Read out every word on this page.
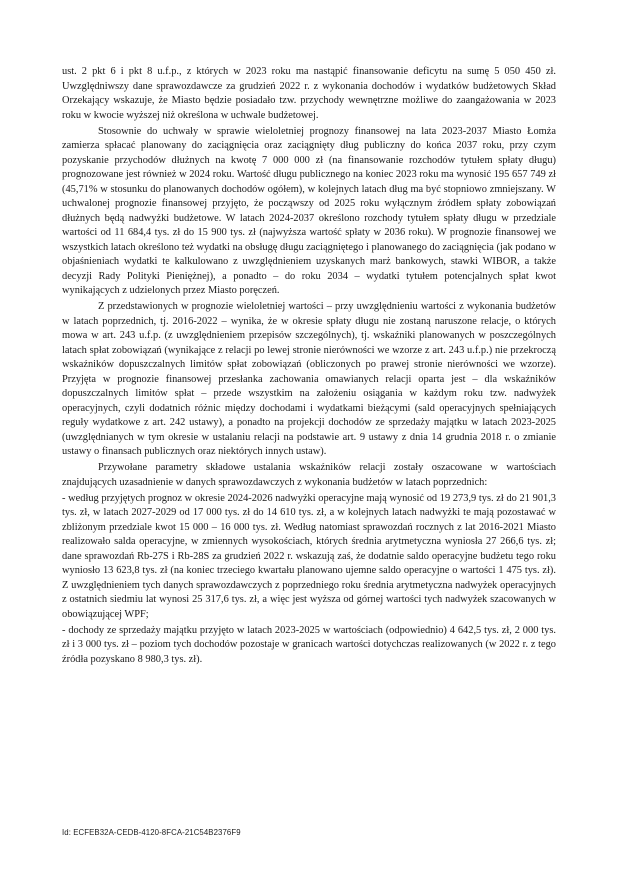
ust. 2 pkt 6 i pkt 8 u.f.p., z których w 2023 roku ma nastąpić finansowanie deficytu na sumę 5 050 450 zł. Uwzględniwszy dane sprawozdawcze za grudzień 2022 r. z wykonania dochodów i wydatków budżetowych Skład Orzekający wskazuje, że Miasto będzie posiadało tzw. przychody wewnętrzne możliwe do zaangażowania w 2023 roku w kwocie wyższej niż określona w uchwale budżetowej.

Stosownie do uchwały w sprawie wieloletniej prognozy finansowej na lata 2023-2037 Miasto Łomża zamierza spłacać planowany do zaciągnięcia oraz zaciągnięty dług publiczny do końca 2037 roku, przy czym pozyskanie przychodów dłużnych na kwotę 7 000 000 zł (na finansowanie rozchodów tytułem spłaty długu) prognozowane jest również w 2024 roku. Wartość długu publicznego na koniec 2023 roku ma wynosić 195 657 749 zł (45,71% w stosunku do planowanych dochodów ogółem), w kolejnych latach dług ma być stopniowo zmniejszany. W uchwalonej prognozie finansowej przyjęto, że począwszy od 2025 roku wyłącznym źródłem spłaty zobowiązań dłużnych będą nadwyżki budżetowe. W latach 2024-2037 określono rozchody tytułem spłaty długu w przedziale wartości od 11 684,4 tys. zł do 15 900 tys. zł (najwyższa wartość spłaty w 2036 roku). W prognozie finansowej we wszystkich latach określono też wydatki na obsługę długu zaciągniętego i planowanego do zaciągnięcia (jak podano w objaśnieniach wydatki te kalkulowano z uwzględnieniem uzyskanych marż bankowych, stawki WIBOR, a także decyzji Rady Polityki Pieniężnej), a ponadto – do roku 2034 – wydatki tytułem potencjalnych spłat kwot wynikających z udzielonych przez Miasto poręczeń.

Z przedstawionych w prognozie wieloletniej wartości – przy uwzględnieniu wartości z wykonania budżetów w latach poprzednich, tj. 2016-2022 – wynika, że w okresie spłaty długu nie zostaną naruszone relacje, o których mowa w art. 243 u.f.p. (z uwzględnieniem przepisów szczególnych), tj. wskaźniki planowanych w poszczególnych latach spłat zobowiązań (wynikające z relacji po lewej stronie nierówności we wzorze z art. 243 u.f.p.) nie przekroczą wskaźników dopuszczalnych limitów spłat zobowiązań (obliczonych po prawej stronie nierówności we wzorze). Przyjęta w prognozie finansowej przesłanka zachowania omawianych relacji oparta jest – dla wskaźników dopuszczalnych limitów spłat – przede wszystkim na założeniu osiągania w każdym roku tzw. nadwyżek operacyjnych, czyli dodatnich różnic między dochodami i wydatkami bieżącymi (sald operacyjnych spełniających reguły wydatkowe z art. 242 ustawy), a ponadto na projekcji dochodów ze sprzedaży majątku w latach 2023-2025 (uwzględnianych w tym okresie w ustalaniu relacji na podstawie art. 9 ustawy z dnia 14 grudnia 2018 r. o zmianie ustawy o finansach publicznych oraz niektórych innych ustaw).

Przywołane parametry składowe ustalania wskaźników relacji zostały oszacowane w wartościach znajdujących uzasadnienie w danych sprawozdawczych z wykonania budżetów w latach poprzednich:

- według przyjętych prognoz w okresie 2024-2026 nadwyżki operacyjne mają wynosić od 19 273,9 tys. zł do 21 901,3 tys. zł, w latach 2027-2029 od 17 000 tys. zł do 14 610 tys. zł, a w kolejnych latach nadwyżki te mają pozostawać w zbliżonym przedziale kwot 15 000 – 16 000 tys. zł. Według natomiast sprawozdań rocznych z lat 2016-2021 Miasto realizowało salda operacyjne, w zmiennych wysokościach, których średnia arytmetyczna wyniosła 27 266,6 tys. zł; dane sprawozdań Rb-27S i Rb-28S za grudzień 2022 r. wskazują zaś, że dodatnie saldo operacyjne budżetu tego roku wyniosło 13 623,8 tys. zł (na koniec trzeciego kwartału planowano ujemne saldo operacyjne o wartości 1 475 tys. zł). Z uwzględnieniem tych danych sprawozdawczych z poprzedniego roku średnia arytmetyczna nadwyżek operacyjnych z ostatnich siedmiu lat wynosi 25 317,6 tys. zł, a więc jest wyższa od górnej wartości tych nadwyżek szacowanych w obowiązującej WPF;

- dochody ze sprzedaży majątku przyjęto w latach 2023-2025 w wartościach (odpowiednio) 4 642,5 tys. zł, 2 000 tys. zł i 3 000 tys. zł – poziom tych dochodów pozostaje w granicach wartości dotychczas realizowanych (w 2022 r. z tego źródła pozyskano 8 980,3 tys. zł).

Id: ECFEB32A-CEDB-4120-8FCA-21C54B2376F9
